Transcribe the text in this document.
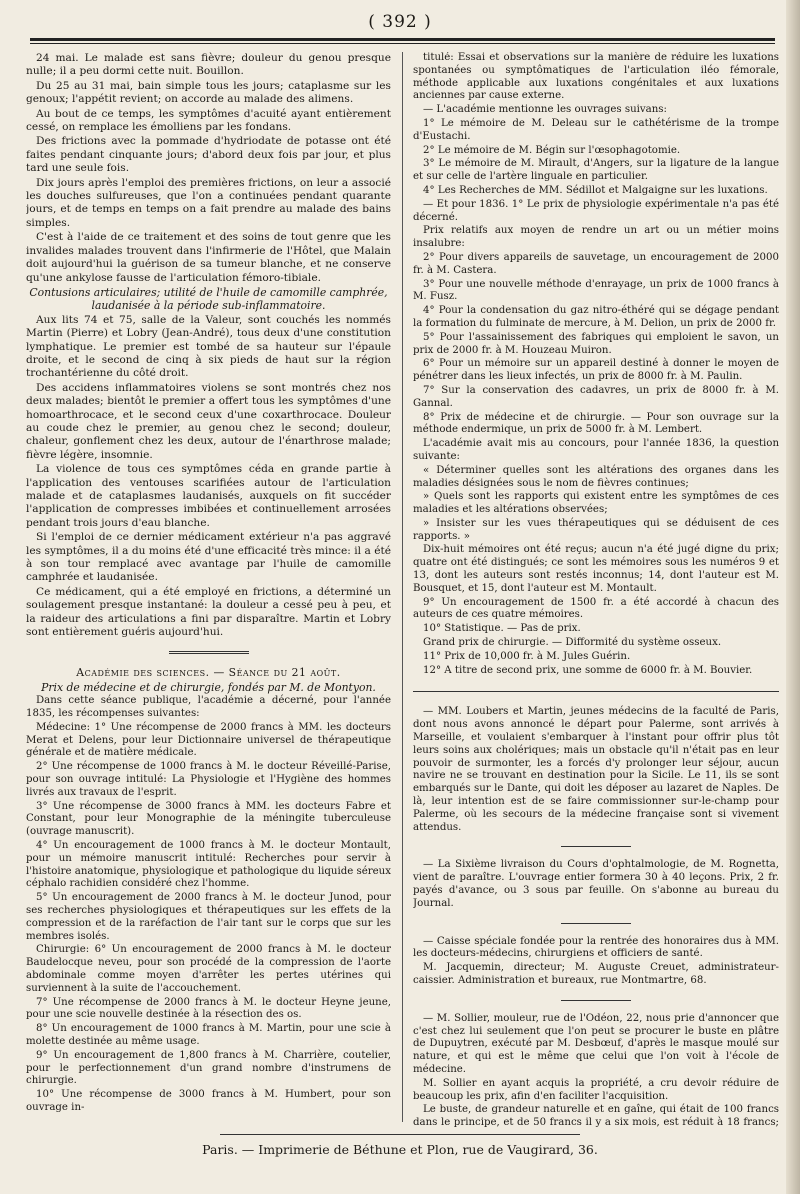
( 392 )

24 mai. Le malade est sans fièvre; douleur du genou presque nulle; il a peu dormi cette nuit. Bouillon.

Du 25 au 31 mai, bain simple tous les jours; cataplasme sur les genoux; l'appétit revient; on accorde au malade des alimens.

Au bout de ce temps, les symptômes d'acuité ayant entièrement cessé, on remplace les émolliens par les fondans.

Des frictions avec la pommade d'hydriodate de potasse ont été faites pendant cinquante jours; d'abord deux fois par jour, et plus tard une seule fois.

Dix jours après l'emploi des premières frictions, on leur a associé les douches sulfureuses, que l'on a continuées pendant quarante jours, et de temps en temps on a fait prendre au malade des bains simples.

C'est à l'aide de ce traitement et des soins de tout genre que les invalides malades trouvent dans l'infirmerie de l'Hôtel, que Malain doit aujourd'hui la guérison de sa tumeur blanche, et ne conserve qu'une ankylose fausse de l'articulation fémoro-tibiale.

Contusions articulaires; utilité de l'huile de camomille camphrée, laudanisée à la période sub-inflammatoire.

Aux lits 74 et 75, salle de la Valeur, sont couchés les nommés Martin (Pierre) et Lobry (Jean-André), tous deux d'une constitution lymphatique. Le premier est tombé de sa hauteur sur l'épaule droite, et le second de cinq à six pieds de haut sur la région trochantérienne du côté droit.

Des accidens inflammatoires violens se sont montrés chez nos deux malades; bientôt le premier a offert tous les symptômes d'une homoarthrocace, et le second ceux d'une coxarthrocace. Douleur au coude chez le premier, au genou chez le second; douleur, chaleur, gonflement chez les deux, autour de l'énarthrose malade; fièvre légère, insomnie.

La violence de tous ces symptômes céda en grande partie à l'application des ventouses scarifiées autour de l'articulation malade et de cataplasmes laudanisés, auxquels on fit succéder l'application de compresses imbibées et continuellement arrosées pendant trois jours d'eau blanche.

Si l'emploi de ce dernier médicament extérieur n'a pas aggravé les symptômes, il a du moins été d'une efficacité très mince: il a été à son tour remplacé avec avantage par l'huile de camomille camphrée et laudanisée.

Ce médicament, qui a été employé en frictions, a déterminé un soulagement presque instantané: la douleur a cessé peu à peu, et la raideur des articulations a fini par disparaître. Martin et Lobry sont entièrement guéris aujourd'hui.

Académie des sciences. — Séance du 21 août.

Prix de médecine et de chirurgie, fondés par M. de Montyon.

Dans cette séance publique, l'académie a décerné, pour l'année 1835, les récompenses suivantes:

Médecine: 1° Une récompense de 2000 francs à MM. les docteurs Merat et Delens, pour leur Dictionnaire universel de thérapeutique générale et de matière médicale.

2° Une récompense de 1000 francs à M. le docteur Réveillé-Parise, pour son ouvrage intitulé: La Physiologie et l'Hygiène des hommes livrés aux travaux de l'esprit.

3° Une récompense de 3000 francs à MM. les docteurs Fabre et Constant, pour leur Monographie de la méningite tuberculeuse (ouvrage manuscrit).

4° Un encouragement de 1000 francs à M. le docteur Montault, pour un mémoire manuscrit intitulé: Recherches pour servir à l'histoire anatomique, physiologique et pathologique du liquide séreux céphalo rachidien considéré chez l'homme.

5° Un encouragement de 2000 francs à M. le docteur Junod, pour ses recherches physiologiques et thérapeutiques sur les effets de la compression et de la raréfaction de l'air tant sur le corps que sur les membres isolés.

Chirurgie: 6° Un encouragement de 2000 francs à M. le docteur Baudelocque neveu, pour son procédé de la compression de l'aorte abdominale comme moyen d'arrêter les pertes utérines qui surviennent à la suite de l'accouchement.

7° Une récompense de 2000 francs à M. le docteur Heyne jeune, pour une scie nouvelle destinée à la résection des os.

8° Un encouragement de 1000 francs à M. Martin, pour une scie à molette destinée au même usage.

9° Un encouragement de 1,800 francs à M. Charrière, coutelier, pour le perfectionnement d'un grand nombre d'instrumens de chirurgie.

10° Une récompense de 3000 francs à M. Humbert, pour son ouvrage in-

titulé: Essai et observations sur la manière de réduire les luxations spontanées ou symptômatiques de l'articulation iléo fémorale, méthode applicable aux luxations congénitales et aux luxations anciennes par cause externe.

— L'académie mentionne les ouvrages suivans:

1° Le mémoire de M. Deleau sur le cathétérisme de la trompe d'Eustachi.

2° Le mémoire de M. Bégin sur l'œsophagotomie.

3° Le mémoire de M. Mirault, d'Angers, sur la ligature de la langue et sur celle de l'artère linguale en particulier.

4° Les Recherches de MM. Sédillot et Malgaigne sur les luxations.

— Et pour 1836. 1° Le prix de physiologie expérimentale n'a pas été décerné.

Prix relatifs aux moyen de rendre un art ou un métier moins insalubre:

2° Pour divers appareils de sauvetage, un encouragement de 2000 fr. à M. Castera.

3° Pour une nouvelle méthode d'enrayage, un prix de 1000 francs à M. Fusz.

4° Pour la condensation du gaz nitro-éthéré qui se dégage pendant la formation du fulminate de mercure, à M. Delion, un prix de 2000 fr.

5° Pour l'assainissement des fabriques qui emploient le savon, un prix de 2000 fr. à M. Houzeau Muiron.

6° Pour un mémoire sur un appareil destiné à donner le moyen de pénétrer dans les lieux infectés, un prix de 8000 fr. à M. Paulin.

7° Sur la conservation des cadavres, un prix de 8000 fr. à M. Gannal.

8° Prix de médecine et de chirurgie. — Pour son ouvrage sur la méthode endermique, un prix de 5000 fr. à M. Lembert.

L'académie avait mis au concours, pour l'année 1836, la question suivante:

« Déterminer quelles sont les altérations des organes dans les maladies désignées sous le nom de fièvres continues;

» Quels sont les rapports qui existent entre les symptômes de ces maladies et les altérations observées;

» Insister sur les vues thérapeutiques qui se déduisent de ces rapports. »

Dix-huit mémoires ont été reçus; aucun n'a été jugé digne du prix; quatre ont été distingués; ce sont les mémoires sous les numéros 9 et 13, dont les auteurs sont restés inconnus; 14, dont l'auteur est M. Bousquet, et 15, dont l'auteur est M. Montault.

9° Un encouragement de 1500 fr. a été accordé à chacun des auteurs de ces quatre mémoires.

10° Statistique. — Pas de prix.

Grand prix de chirurgie. — Difformité du système osseux.

11° Prix de 10,000 fr. à M. Jules Guérin.

12° A titre de second prix, une somme de 6000 fr. à M. Bouvier.

— MM. Loubers et Martin, jeunes médecins de la faculté de Paris, dont nous avons annoncé le départ pour Palerme, sont arrivés à Marseille, et voulaient s'embarquer à l'instant pour offrir plus tôt leurs soins aux cholériques; mais un obstacle qu'il n'était pas en leur pouvoir de surmonter, les a forcés d'y prolonger leur séjour, aucun navire ne se trouvant en destination pour la Sicile. Le 11, ils se sont embarqués sur le Dante, qui doit les déposer au lazaret de Naples. De là, leur intention est de se faire commissionner sur-le-champ pour Palerme, où les secours de la médecine française sont si vivement attendus.

— La Sixième livraison du Cours d'ophtalmologie, de M. Rognetta, vient de paraître. L'ouvrage entier formera 30 à 40 leçons. Prix, 2 fr. payés d'avance, ou 3 sous par feuille. On s'abonne au bureau du Journal.

— Caisse spéciale fondée pour la rentrée des honoraires dus à MM. les docteurs-médecins, chirurgiens et officiers de santé.

M. Jacquemin, directeur; M. Auguste Creuet, administrateur-caissier. Administration et bureaux, rue Montmartre, 68.

— M. Sollier, mouleur, rue de l'Odéon, 22, nous prie d'annoncer que c'est chez lui seulement que l'on peut se procurer le buste en plâtre de Dupuytren, exécuté par M. Desbœuf, d'après le masque moulé sur nature, et qui est le même que celui que l'on voit à l'école de médecine.

M. Sollier en ayant acquis la propriété, a cru devoir réduire de beaucoup les prix, afin d'en faciliter l'acquisition.

Le buste, de grandeur naturelle et en gaîne, qui était de 100 francs dans le principe, et de 50 francs il y a six mois, est réduit à 18 francs;

Paris. — Imprimerie de Béthune et Plon, rue de Vaugirard, 36.
